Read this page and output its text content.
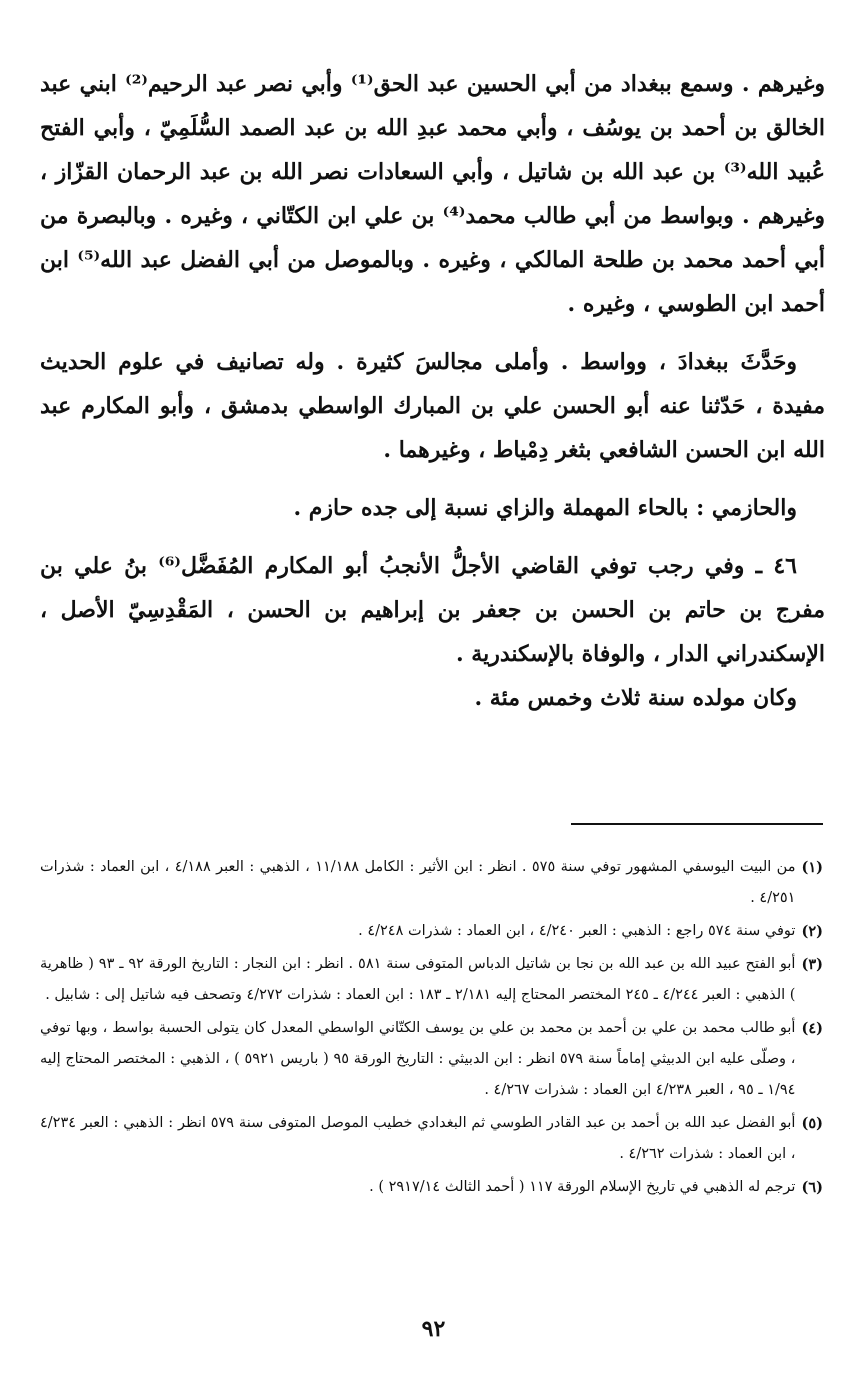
وغيرهم . وسمع ببغداد من أبي الحسين عبد الحق⁽¹⁾ وأبي نصر عبد الرحيم⁽²⁾ ابني عبد الخالق بن أحمد بن يوسُف ، وأبي محمد عبدِ الله بن عبد الصمد السُّلَمِيّ ، وأبي الفتح عُبيد الله⁽³⁾ بن عبد الله بن شاتيل ، وأبي السعادات نصر الله بن عبد الرحمان القزّاز ، وغيرهم . وبواسط من أبي طالب محمد⁽⁴⁾ بن علي ابن الكتّاني ، وغيره . وبالبصرة من أبي أحمد محمد بن طلحة المالكي ، وغيره . وبالموصل من أبي الفضل عبد الله⁽⁵⁾ ابن أحمد ابن الطوسي ، وغيره .

وحَدَّثَ ببغدادَ ، وواسط . وأملى مجالسَ كثيرة . وله تصانيف في علوم الحديث مفيدة ، حَدّثنا عنه أبو الحسن علي بن المبارك الواسطي بدمشق ، وأبو المكارم عبد الله ابن الحسن الشافعي بثغر دِمْياط ، وغيرهما .

والحازمي : بالحاء المهملة والزاي نسبة إلى جده حازم .

٤٦ ـ وفي رجب توفي القاضي الأجلُّ الأنجبُ أبو المكارم المُفَضَّل⁽⁶⁾ بنُ علي بن مفرج بن حاتم بن الحسن بن جعفر بن إبراهيم بن الحسن ، المَقْدِسِيّ الأصل ، الإسكندراني الدار ، والوفاة بالإسكندرية .

وكان مولده سنة ثلاث وخمس مئة .

(١)
من البيت اليوسفي المشهور توفي سنة ٥٧٥ . انظر : ابن الأثير : الكامل ١١/١٨٨ ، الذهبي : العبر ٤/١٨٨ ، ابن العماد : شذرات ٤/٢٥١ .
(٢)
توفي سنة ٥٧٤ راجع : الذهبي : العبر ٤/٢٤٠ ، ابن العماد : شذرات ٤/٢٤٨ .
(٣)
أبو الفتح عبيد الله بن عبد الله بن نجا بن شاتيل الدباس المتوفى سنة ٥٨١ . انظر : ابن النجار : التاريخ الورقة ٩٢ ـ ٩٣ ( ظاهرية ) الذهبي : العبر ٤/٢٤٤ ـ ٢٤٥ المختصر المحتاج إليه ٢/١٨١ ـ ١٨٣ : ابن العماد : شذرات ٤/٢٧٢ وتصحف فيه شاتيل إلى : شابيل .
(٤)
أبو طالب محمد بن علي بن أحمد بن محمد بن علي بن يوسف الكتّاني الواسطي المعدل كان يتولى الحسبة بواسط ، وبها توفي ، وصلّى عليه ابن الدبيثي إماماً سنة ٥٧٩ انظر : ابن الدبيثي : التاريخ الورقة ٩٥ ( باريس ٥٩٢١ ) ، الذهبي : المختصر المحتاج إليه ١/٩٤ ـ ٩٥ ، العبر ٤/٢٣٨ ابن العماد : شذرات ٤/٢٦٧ .
(٥)
أبو الفضل عبد الله بن أحمد بن عبد القادر الطوسي ثم البغدادي خطيب الموصل المتوفى سنة ٥٧٩ انظر : الذهبي : العبر ٤/٢٣٤ ، ابن العماد : شذرات ٤/٢٦٢ .
(٦)
ترجم له الذهبي في تاريخ الإسلام الورقة ١١٧ ( أحمد الثالث ٢٩١٧/١٤ ) .
٩٢
